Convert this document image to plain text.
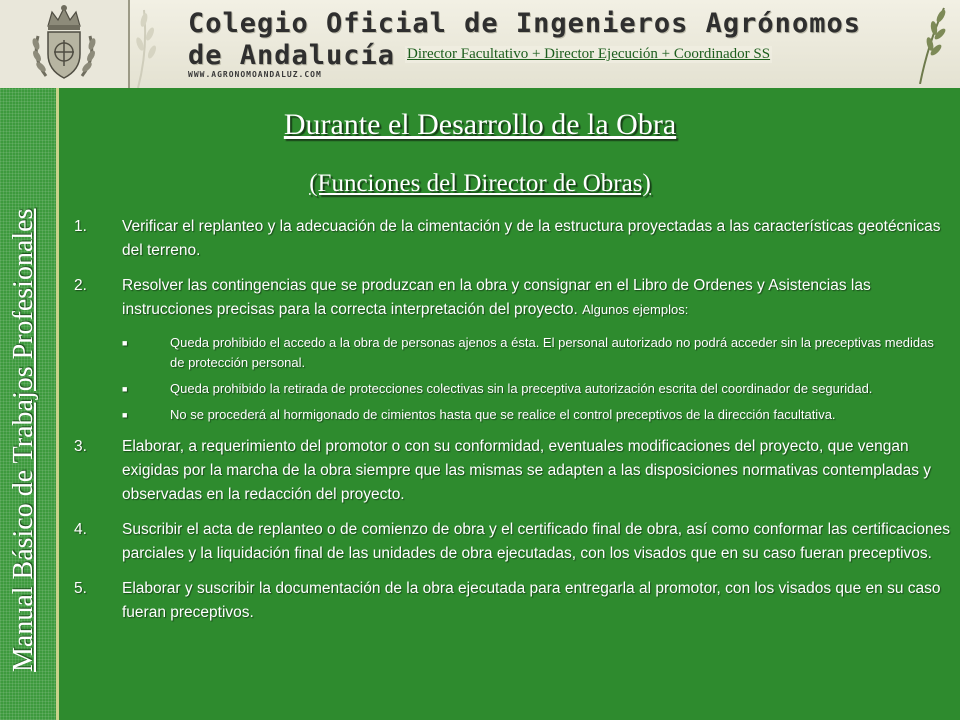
Colegio Oficial de Ingenieros Agrónomos
de Andalucía
WWW.AGRONOMOANDALUZ.COM
Director Facultativo + Director Ejecución + Coordinador SS
Manual Básico de Trabajos Profesionales
Durante el Desarrollo de la Obra
(Funciones del Director de Obras)
1. Verificar el replanteo y la adecuación de la cimentación y de la estructura proyectadas a las características geotécnicas del terreno.
2. Resolver las contingencias que se produzcan en la obra y consignar en el Libro de Ordenes y Asistencias las instrucciones precisas para la correcta interpretación del proyecto. Algunos ejemplos:
■	Queda prohibido el accedo a la obra de personas ajenos a ésta. El personal autorizado no podrá acceder sin la preceptivas medidas de protección personal.
■	Queda prohibido la retirada de protecciones colectivas sin la preceptiva autorización escrita del coordinador de seguridad.
■	No se procederá al hormigonado de cimientos hasta que se realice el control preceptivos de la dirección facultativa.
3. Elaborar, a requerimiento del promotor o con su conformidad, eventuales modificaciones del proyecto, que vengan exigidas por la marcha de la obra siempre que las mismas se adapten a las disposiciones normativas contempladas y observadas en la redacción del proyecto.
4. Suscribir el acta de replanteo o de comienzo de obra y el certificado final de obra, así como conformar las certificaciones parciales y la liquidación final de las unidades de obra ejecutadas, con los visados que en su caso fueran preceptivos.
5. Elaborar y suscribir la documentación de la obra ejecutada para entregarla al promotor, con los visados que en su caso fueran preceptivos.
